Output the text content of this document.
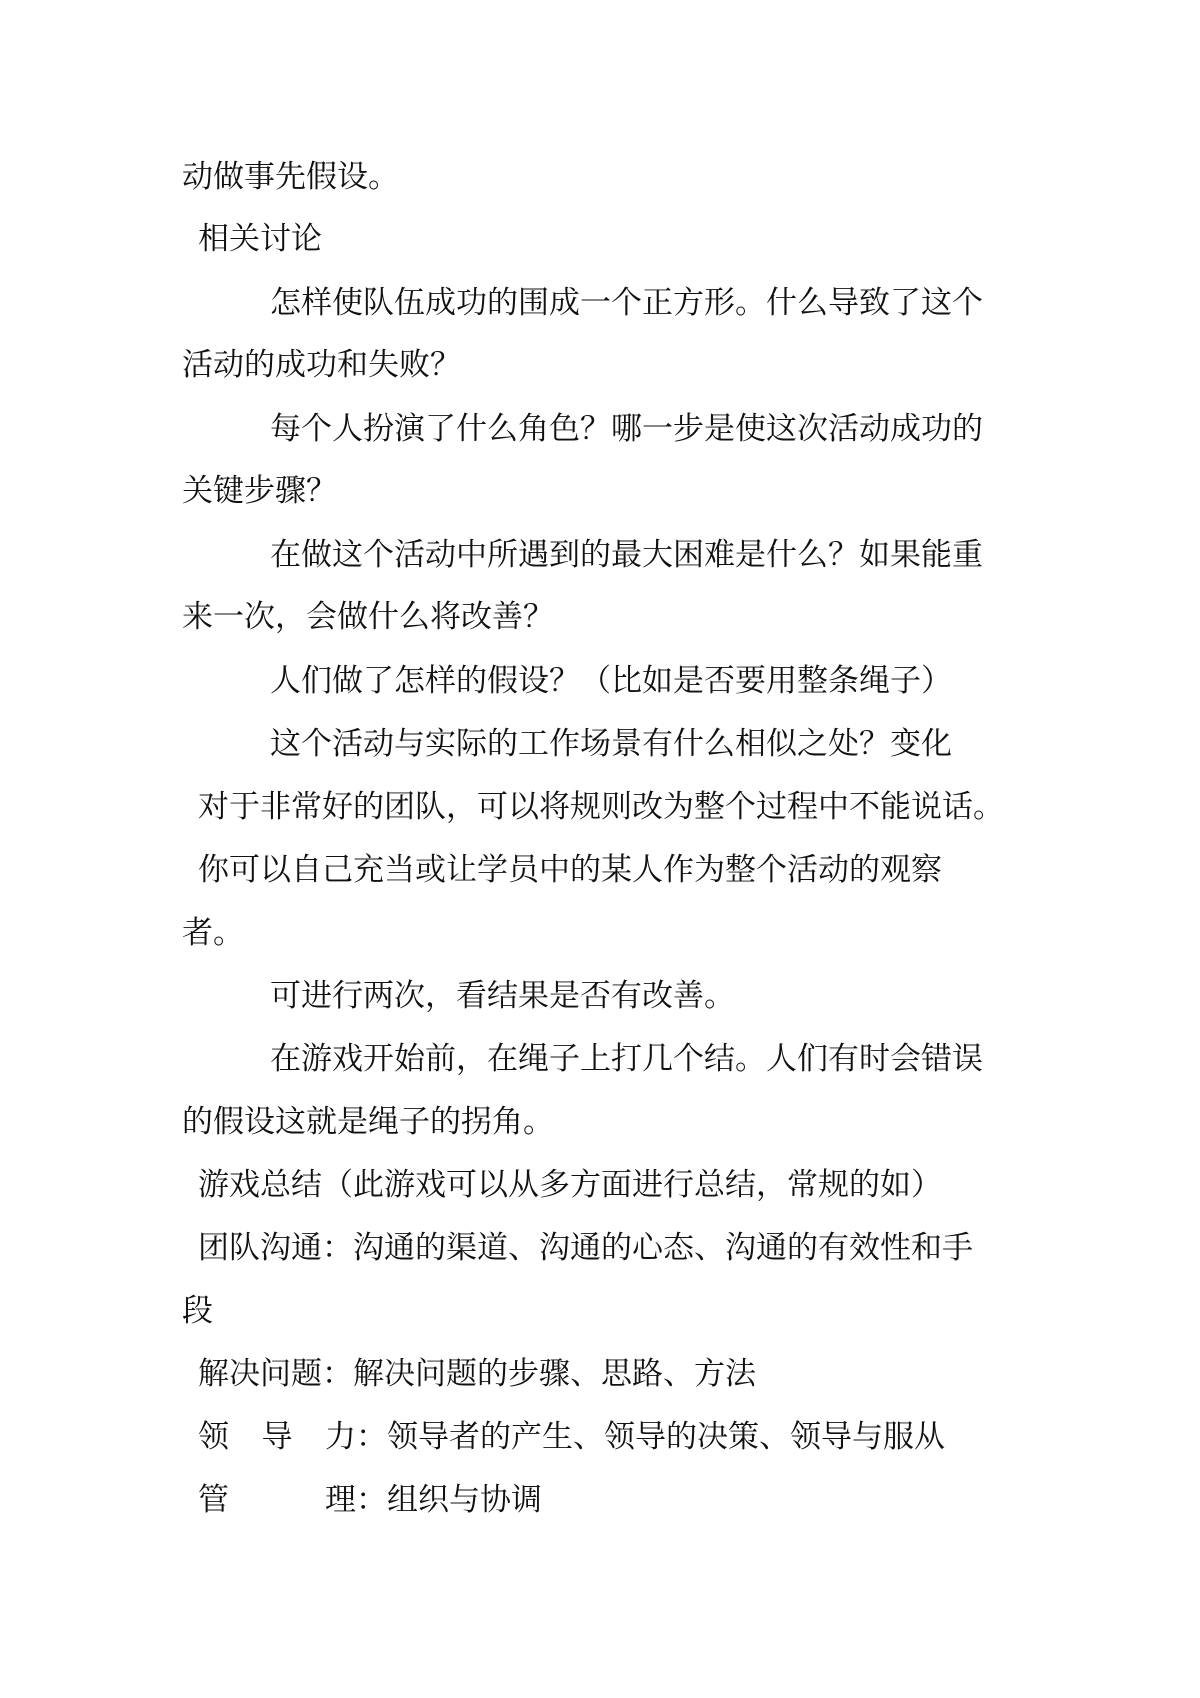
动做事先假设。
相关讨论
怎样使队伍成功的围成一个正方形。什么导致了这个
活动的成功和失败？
每个人扮演了什么角色？哪一步是使这次活动成功的
关键步骤？
在做这个活动中所遇到的最大困难是什么？如果能重
来一次，会做什么将改善？
人们做了怎样的假设？（比如是否要用整条绳子）
这个活动与实际的工作场景有什么相似之处？变化
对于非常好的团队，可以将规则改为整个过程中不能说话。
你可以自己充当或让学员中的某人作为整个活动的观察
者。
可进行两次，看结果是否有改善。
在游戏开始前，在绳子上打几个结。人们有时会错误
的假设这就是绳子的拐角。
游戏总结（此游戏可以从多方面进行总结，常规的如）
团队沟通：沟通的渠道、沟通的心态、沟通的有效性和手
段
解决问题：解决问题的步骤、思路、方法
领　导　力：领导者的产生、领导的决策、领导与服从
管　　　理：组织与协调
